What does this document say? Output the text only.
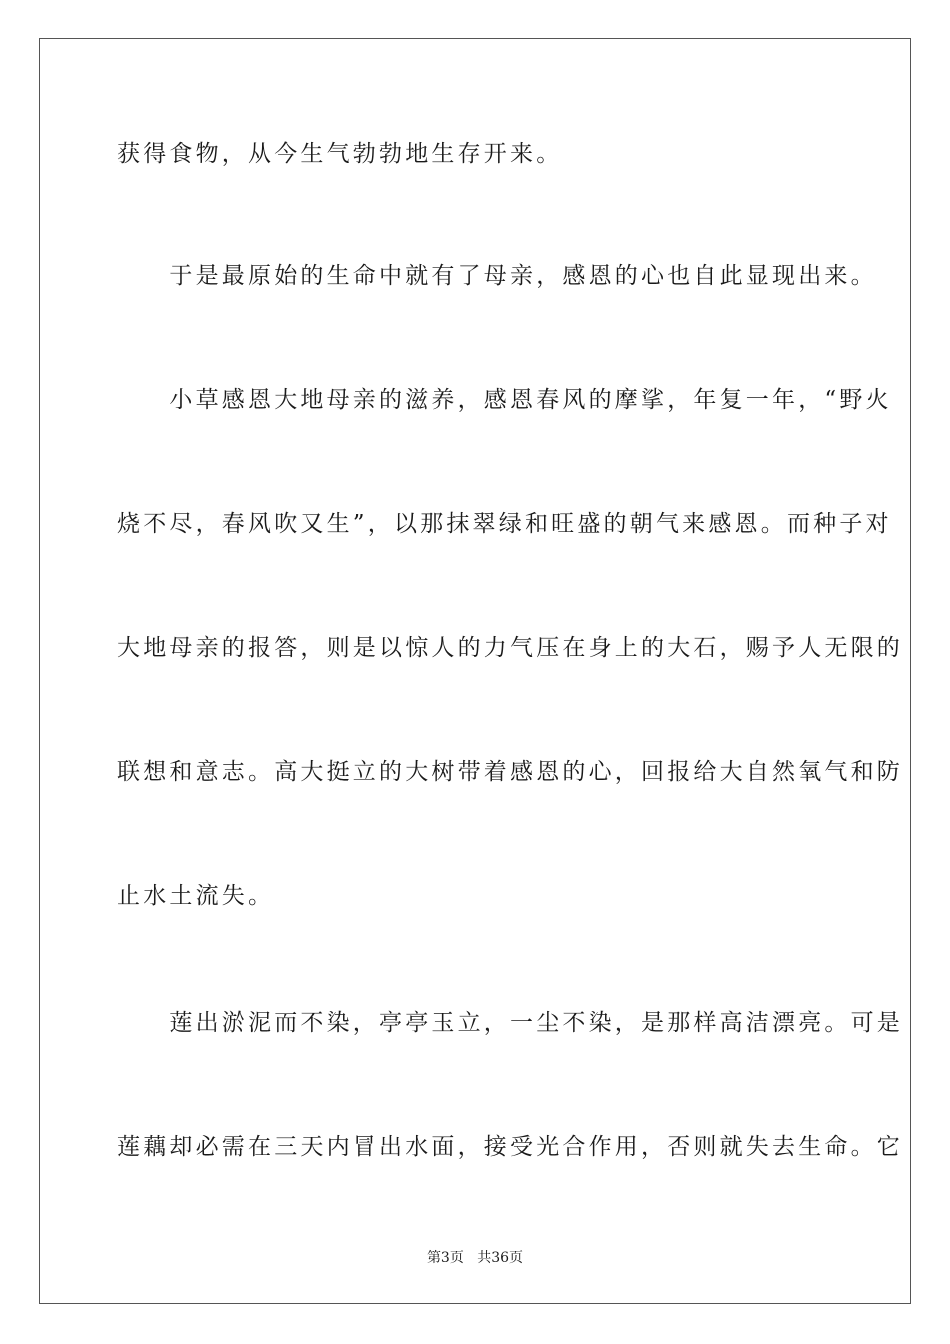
获得食物，从今生气勃勃地生存开来。
　　于是最原始的生命中就有了母亲，感恩的心也自此显现出来。
　　小草感恩大地母亲的滋养，感恩春风的摩挲，年复一年，“野火
烧不尽，春风吹又生”，以那抹翠绿和旺盛的朝气来感恩。而种子对
大地母亲的报答，则是以惊人的力气压在身上的大石，赐予人无限的
联想和意志。高大挺立的大树带着感恩的心，回报给大自然氧气和防
止水土流失。
　　莲出淤泥而不染，亭亭玉立，一尘不染，是那样高洁漂亮。可是
莲藕却必需在三天内冒出水面，接受光合作用，否则就失去生命。它
第3页 共36页
